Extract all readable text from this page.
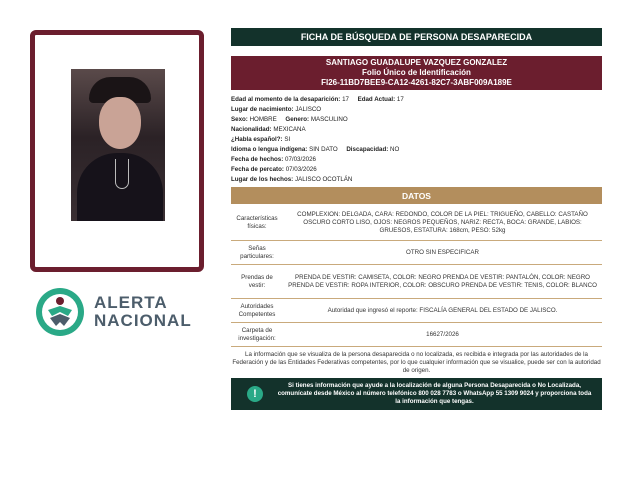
ALERTA
NACIONAL
FICHA DE BÚSQUEDA DE PERSONA DESAPARECIDA
SANTIAGO GUADALUPE VAZQUEZ GONZALEZ
Folio Único de Identificación
FI26-11BD7BEE9-CA12-4261-82C7-3ABF009A189E
Edad al momento de la desaparición: 17 Edad Actual: 17
Lugar de nacimiento: JALISCO
Sexo: HOMBRE Genero: MASCULINO
Nacionalidad: MEXICANA
¿Habla español?: SI
Idioma o lengua indígena: SIN DATO Discapacidad: NO
Fecha de hechos: 07/03/2026
Fecha de percato: 07/03/2026
Lugar de los hechos: JALISCO OCOTLÁN
DATOS
Características físicas:
COMPLEXION: DELGADA, CARA: REDONDO, COLOR DE LA PIEL: TRIGUEÑO, CABELLO: CASTAÑO OSCURO CORTO LISO, OJOS: NEGROS PEQUEÑOS, NARIZ: RECTA, BOCA: GRANDE, LABIOS: GRUESOS, ESTATURA: 168cm, PESO: 52kg
Señas particulares:
OTRO SIN ESPECIFICAR
Prendas de vestir:
PRENDA DE VESTIR: CAMISETA, COLOR: NEGRO PRENDA DE VESTIR: PANTALÓN, COLOR: NEGRO PRENDA DE VESTIR: ROPA INTERIOR, COLOR: OBSCURO PRENDA DE VESTIR: TENIS, COLOR: BLANCO
Autoridades Competentes
Autoridad que ingresó el reporte: FISCALÍA GENERAL DEL ESTADO DE JALISCO.
Carpeta de investigación:
16627/2026
La información que se visualiza de la persona desaparecida o no localizada, es recibida e integrada por las autoridades de la Federación y de las Entidades Federativas competentes, por lo que cualquier información que se visualice, puede ser con la autoridad de origen.
!
Si tienes información que ayude a la localización de alguna Persona Desaparecida o No Localizada, comunícate desde México al número telefónico 800 028 7783 o WhatsApp 55 1309 9024 y proporciona toda la información que tengas.
